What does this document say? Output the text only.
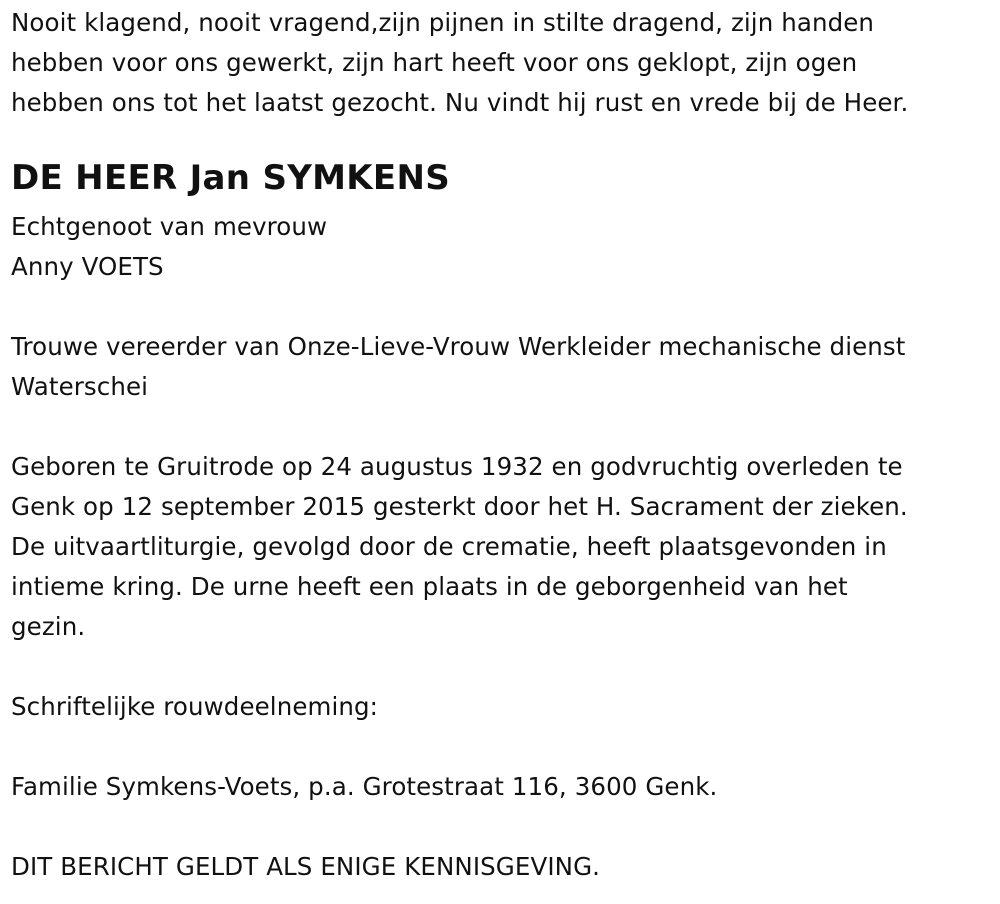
Nooit klagend, nooit vragend,zijn pijnen in stilte dragend, zijn handen
hebben voor ons gewerkt, zijn hart heeft voor ons geklopt, zijn ogen
hebben ons tot het laatst gezocht. Nu vindt hij rust en vrede bij de Heer.
DE HEER Jan SYMKENS
Echtgenoot van mevrouw
Anny VOETS
Trouwe vereerder van Onze-Lieve-Vrouw Werkleider mechanische dienst
Waterschei
Geboren te Gruitrode op 24 augustus 1932 en godvruchtig overleden te
Genk op 12 september 2015 gesterkt door het H. Sacrament der zieken.
De uitvaartliturgie, gevolgd door de crematie, heeft plaatsgevonden in
intieme kring. De urne heeft een plaats in de geborgenheid van het
gezin.
Schriftelijke rouwdeelneming:
Familie Symkens-Voets, p.a. Grotestraat 116, 3600 Genk.
DIT BERICHT GELDT ALS ENIGE KENNISGEVING.
